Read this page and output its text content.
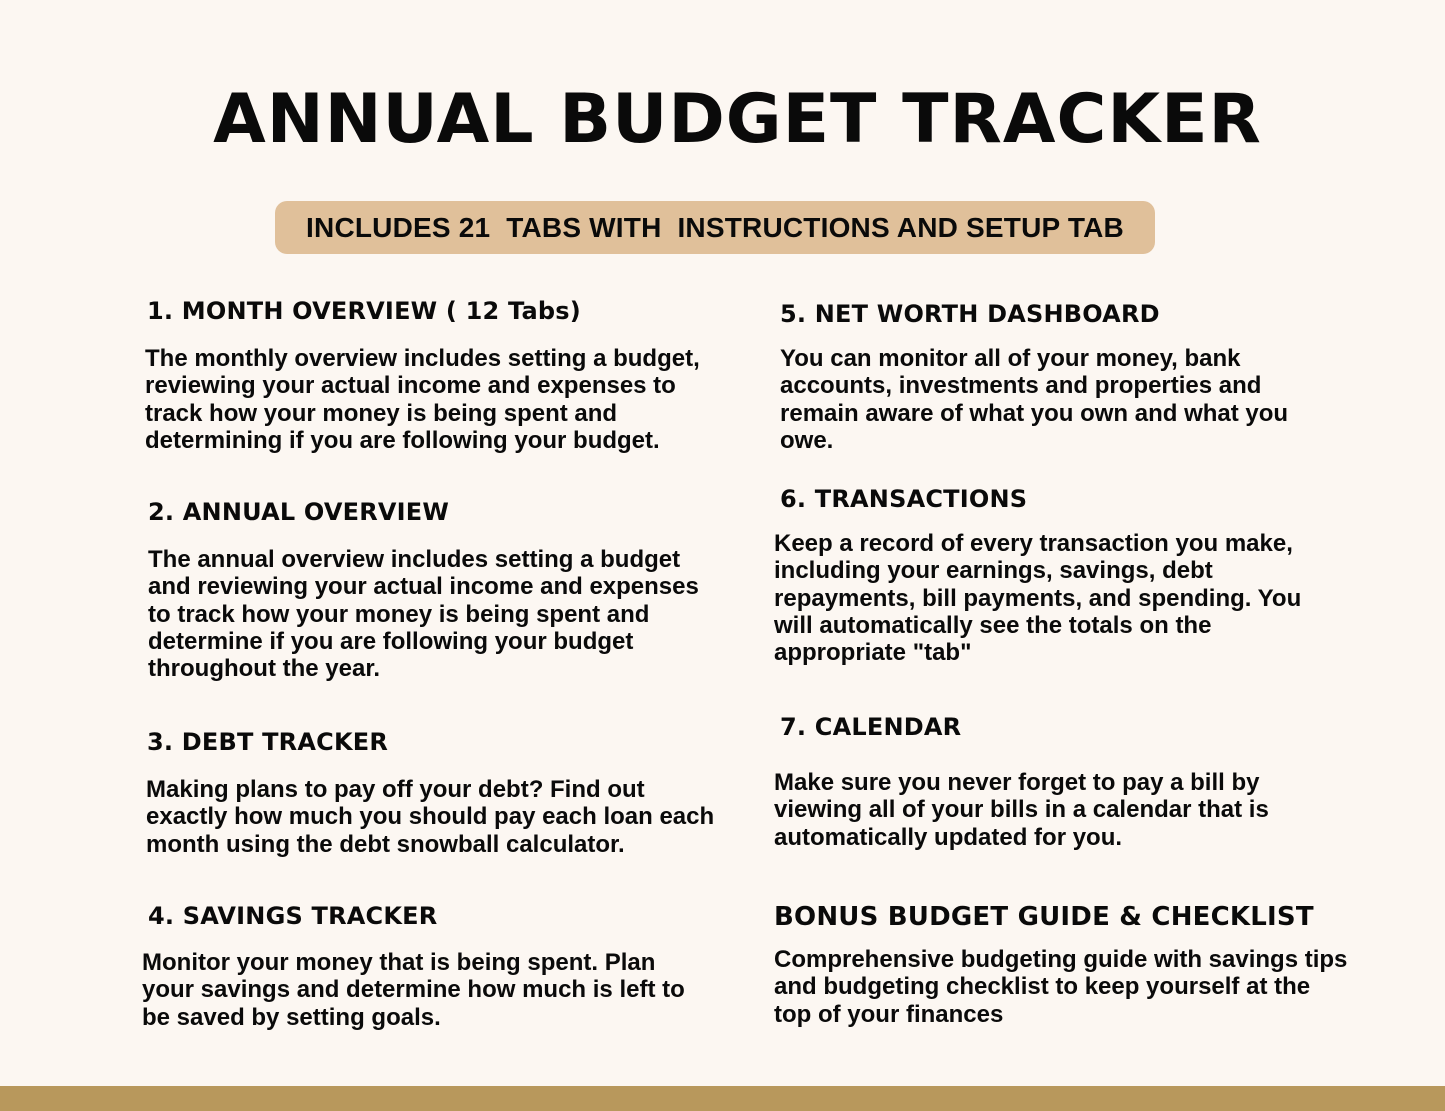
ANNUAL BUDGET TRACKER
INCLUDES 21  TABS WITH  INSTRUCTIONS AND SETUP TAB
1. MONTH OVERVIEW ( 12 Tabs)

The monthly overview includes setting a budget,
reviewing your actual income and expenses to
track how your money is being spent and
determining if you are following your budget.

2. ANNUAL OVERVIEW

The annual overview includes setting a budget
and reviewing your actual income and expenses
to track how your money is being spent and
determine if you are following your budget
throughout the year.

3. DEBT TRACKER

Making plans to pay off your debt? Find out
exactly how much you should pay each loan each
month using the debt snowball calculator.

4. SAVINGS TRACKER

Monitor your money that is being spent. Plan
your savings and determine how much is left to
be saved by setting goals.

5. NET WORTH DASHBOARD

You can monitor all of your money, bank
accounts, investments and properties and
remain aware of what you own and what you
owe.

6. TRANSACTIONS

Keep a record of every transaction you make,
including your earnings, savings, debt
repayments, bill payments, and spending. You
will automatically see the totals on the
appropriate "tab"

7. CALENDAR

Make sure you never forget to pay a bill by
viewing all of your bills in a calendar that is
automatically updated for you.

BONUS BUDGET GUIDE & CHECKLIST

Comprehensive budgeting guide with savings tips
and budgeting checklist to keep yourself at the
top of your finances
